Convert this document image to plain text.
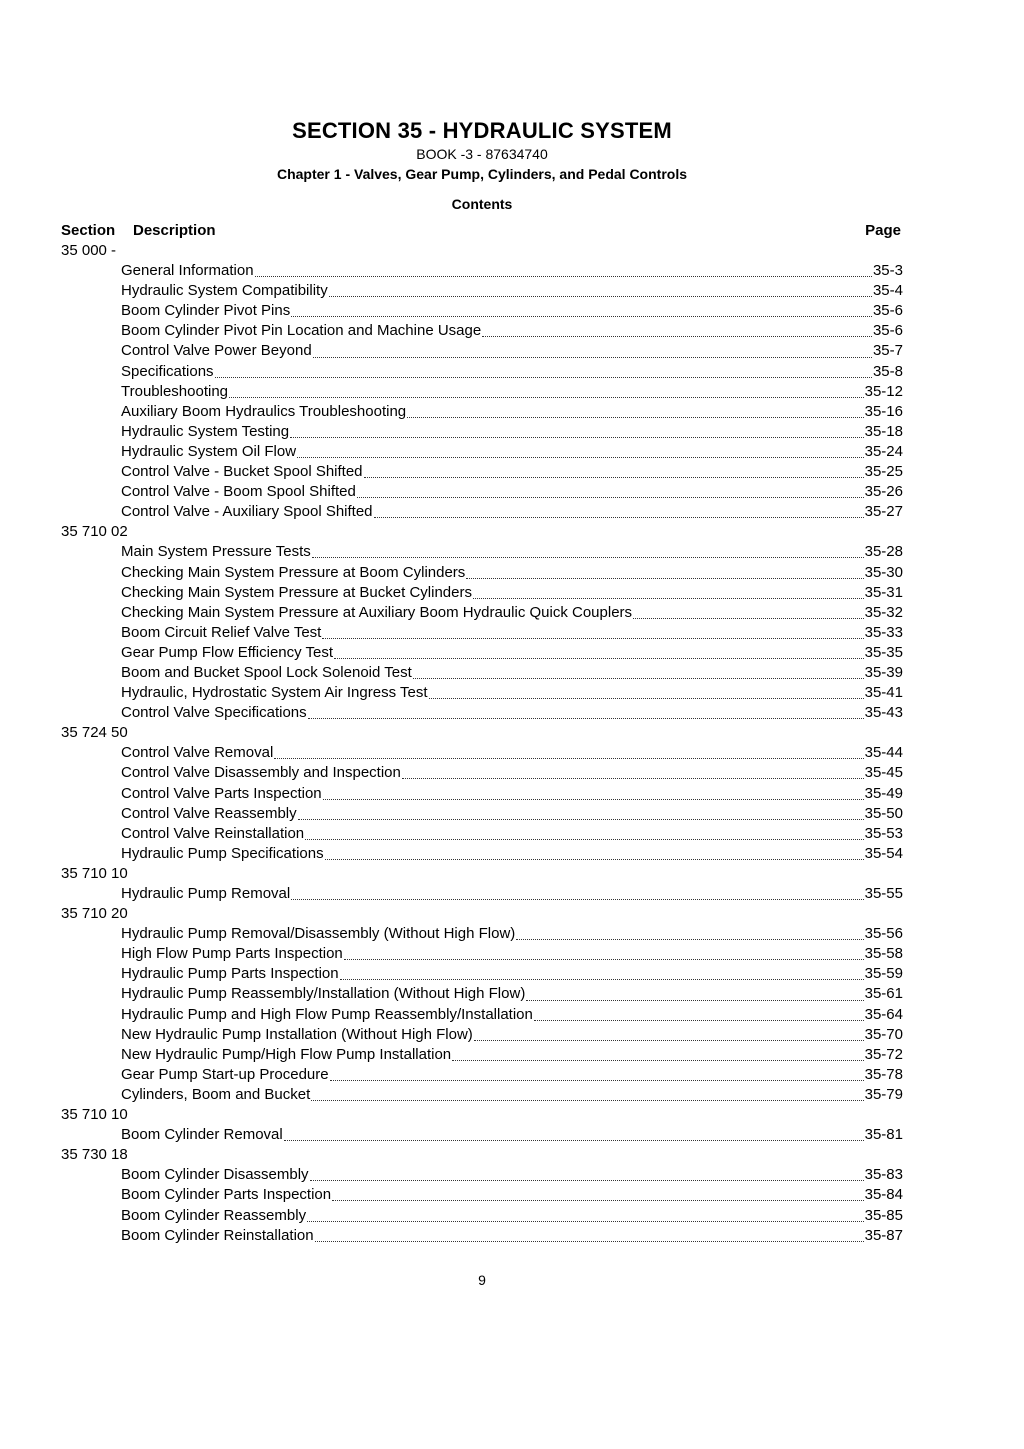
SECTION 35 - HYDRAULIC SYSTEM
BOOK -3 - 87634740
Chapter 1 - Valves, Gear Pump, Cylinders, and Pedal Controls
Contents
Section Description	Page
35 000 -
General Information	35-3
Hydraulic System Compatibility	35-4
Boom Cylinder Pivot Pins	35-6
Boom Cylinder Pivot Pin Location and Machine Usage	35-6
Control Valve Power Beyond	35-7
Specifications	35-8
Troubleshooting	35-12
Auxiliary Boom Hydraulics Troubleshooting	35-16
Hydraulic System Testing	35-18
Hydraulic System Oil Flow	35-24
Control Valve - Bucket Spool Shifted	35-25
Control Valve - Boom Spool Shifted	35-26
Control Valve - Auxiliary Spool Shifted	35-27
35 710 02
Main System Pressure Tests	35-28
Checking Main System Pressure at Boom Cylinders	35-30
Checking Main System Pressure at Bucket Cylinders	35-31
Checking Main System Pressure at Auxiliary Boom Hydraulic Quick Couplers	35-32
Boom Circuit Relief Valve Test	35-33
Gear Pump Flow Efficiency Test	35-35
Boom and Bucket Spool Lock Solenoid Test	35-39
Hydraulic, Hydrostatic System Air Ingress Test	35-41
Control Valve Specifications	35-43
35 724 50
Control Valve Removal	35-44
Control Valve Disassembly and Inspection	35-45
Control Valve Parts Inspection	35-49
Control Valve Reassembly	35-50
Control Valve Reinstallation	35-53
Hydraulic Pump Specifications	35-54
35 710 10
Hydraulic Pump Removal	35-55
35 710 20
Hydraulic Pump Removal/Disassembly (Without High Flow)	35-56
High Flow Pump Parts Inspection	35-58
Hydraulic Pump Parts Inspection	35-59
Hydraulic Pump Reassembly/Installation (Without High Flow)	35-61
Hydraulic Pump and High Flow Pump Reassembly/Installation	35-64
New Hydraulic Pump Installation (Without High Flow)	35-70
New Hydraulic Pump/High Flow Pump Installation	35-72
Gear Pump Start-up Procedure	35-78
Cylinders, Boom and Bucket	35-79
35 710 10
Boom Cylinder Removal	35-81
35 730 18
Boom Cylinder Disassembly	35-83
Boom Cylinder Parts Inspection	35-84
Boom Cylinder Reassembly	35-85
Boom Cylinder Reinstallation	35-87
9
